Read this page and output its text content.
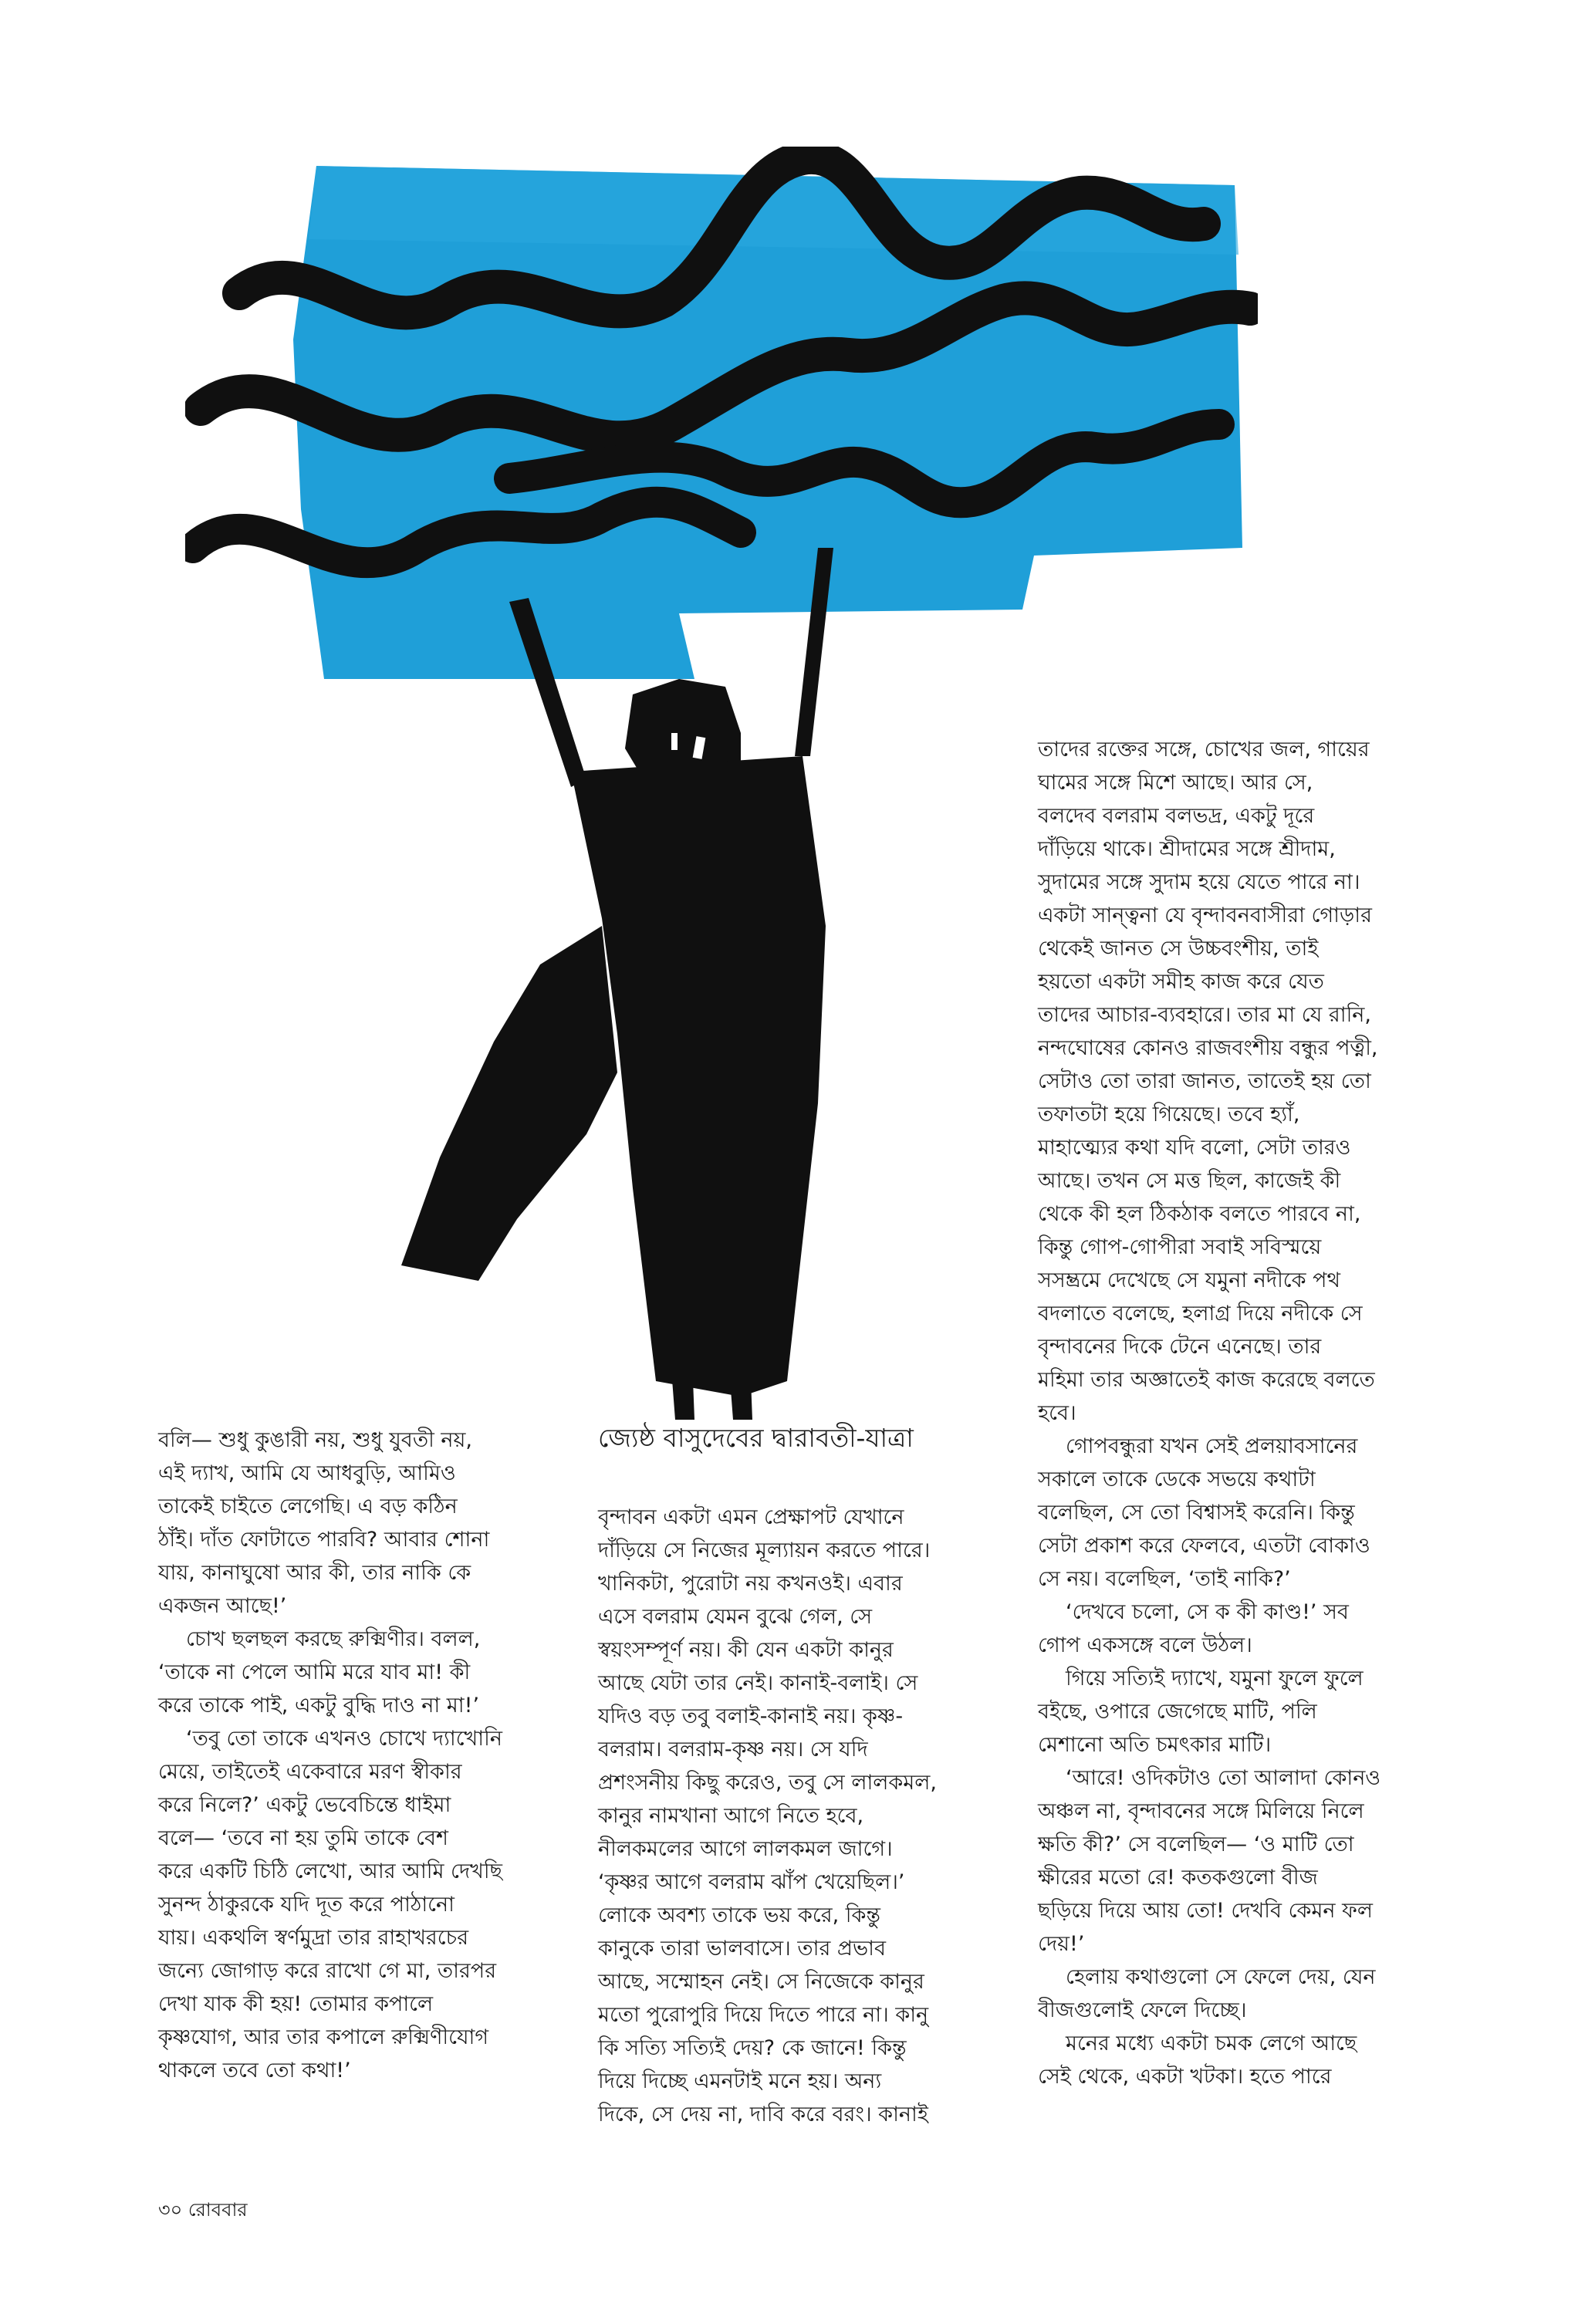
বলি— শুধু কুঙারী নয়, শুধু যুবতী নয়,
এই দ্যাখ, আমি যে আধবুড়ি, আমিও
তাকেই চাইতে লেগেছি। এ বড় কঠিন
ঠাঁই। দাঁত ফোটাতে পারবি? আবার শোনা
যায়, কানাঘুষো আর কী, তার নাকি কে
একজন আছে!’

চোখ ছলছল করছে রুক্মিণীর। বলল,
‘তাকে না পেলে আমি মরে যাব মা! কী
করে তাকে পাই, একটু বুদ্ধি দাও না মা!’

‘তবু তো তাকে এখনও চোখে দ্যাখোনি
মেয়ে, তাইতেই একেবারে মরণ স্বীকার
করে নিলে?’ একটু ভেবেচিন্তে ধাইমা
বলে— ‘তবে না হয় তুমি তাকে বেশ
করে একটি চিঠি লেখো, আর আমি দেখছি
সুনন্দ ঠাকুরকে যদি দূত করে পাঠানো
যায়। একথলি স্বর্ণমুদ্রা তার রাহাখরচের
জন্যে জোগাড় করে রাখো গে মা, তারপর
দেখা যাক কী হয়! তোমার কপালে
কৃষ্ণযোগ, আর তার কপালে রুক্মিণীযোগ
থাকলে তবে তো কথা!’

জ্যেষ্ঠ বাসুদেবের দ্বারাবতী-যাত্রা

বৃন্দাবন একটা এমন প্রেক্ষাপট যেখানে
দাঁড়িয়ে সে নিজের মূল্যায়ন করতে পারে।
খানিকটা, পুরোটা নয় কখনওই। এবার
এসে বলরাম যেমন বুঝে গেল, সে
স্বয়ংসম্পূর্ণ নয়। কী যেন একটা কানুর
আছে যেটা তার নেই। কানাই-বলাই। সে
যদিও বড় তবু বলাই-কানাই নয়। কৃষ্ণ-
বলরাম। বলরাম-কৃষ্ণ নয়। সে যদি
প্রশংসনীয় কিছু করেও, তবু সে লালকমল,
কানুর নামখানা আগে নিতে হবে,
নীলকমলের আগে লালকমল জাগে।
‘কৃষ্ণর আগে বলরাম ঝাঁপ খেয়েছিল।’
লোকে অবশ্য তাকে ভয় করে, কিন্তু
কানুকে তারা ভালবাসে। তার প্রভাব
আছে, সম্মোহন নেই। সে নিজেকে কানুর
মতো পুরোপুরি দিয়ে দিতে পারে না। কানু
কি সত্যি সত্যিই দেয়? কে জানে! কিন্তু
দিয়ে দিচ্ছে এমনটাই মনে হয়। অন্য
দিকে, সে দেয় না, দাবি করে বরং। কানাই

তাদের রক্তের সঙ্গে, চোখের জল, গায়ের
ঘামের সঙ্গে মিশে আছে। আর সে,
বলদেব বলরাম বলভদ্র, একটু দূরে
দাঁড়িয়ে থাকে। শ্রীদামের সঙ্গে শ্রীদাম,
সুদামের সঙ্গে সুদাম হয়ে যেতে পারে না।
একটা সান্ত্বনা যে বৃন্দাবনবাসীরা গোড়ার
থেকেই জানত সে উচ্চবংশীয়, তাই
হয়তো একটা সমীহ কাজ করে যেত
তাদের আচার-ব্যবহারে। তার মা যে রানি,
নন্দঘোষের কোনও রাজবংশীয় বন্ধুর পত্নী,
সেটাও তো তারা জানত, তাতেই হয় তো
তফাতটা হয়ে গিয়েছে। তবে হ্যাঁ,
মাহাত্ম্যের কথা যদি বলো, সেটা তারও
আছে। তখন সে মত্ত ছিল, কাজেই কী
থেকে কী হল ঠিকঠাক বলতে পারবে না,
কিন্তু গোপ-গোপীরা সবাই সবিস্ময়ে
সসম্ভ্রমে দেখেছে সে যমুনা নদীকে পথ
বদলাতে বলেছে, হলাগ্র দিয়ে নদীকে সে
বৃন্দাবনের দিকে টেনে এনেছে। তার
মহিমা তার অজ্ঞাতেই কাজ করেছে বলতে
হবে।

গোপবন্ধুরা যখন সেই প্রলয়াবসানের
সকালে তাকে ডেকে সভয়ে কথাটা
বলেছিল, সে তো বিশ্বাসই করেনি। কিন্তু
সেটা প্রকাশ করে ফেলবে, এতটা বোকাও
সে নয়। বলেছিল, ‘তাই নাকি?’

‘দেখবে চলো, সে ক কী কাণ্ড!’ সব
গোপ একসঙ্গে বলে উঠল।

গিয়ে সত্যিই দ্যাখে, যমুনা ফুলে ফুলে
বইছে, ওপারে জেগেছে মাটি, পলি
মেশানো অতি চমৎকার মাটি।

‘আরে! ওদিকটাও তো আলাদা কোনও
অঞ্চল না, বৃন্দাবনের সঙ্গে মিলিয়ে নিলে
ক্ষতি কী?’ সে বলেছিল— ‘ও মাটি তো
ক্ষীরের মতো রে! কতকগুলো বীজ
ছড়িয়ে দিয়ে আয় তো! দেখবি কেমন ফল
দেয়!’

হেলায় কথাগুলো সে ফেলে দেয়, যেন
বীজগুলোই ফেলে দিচ্ছে।

মনের মধ্যে একটা চমক লেগে আছে
সেই থেকে, একটা খটকা। হতে পারে

৩০ রোববার
